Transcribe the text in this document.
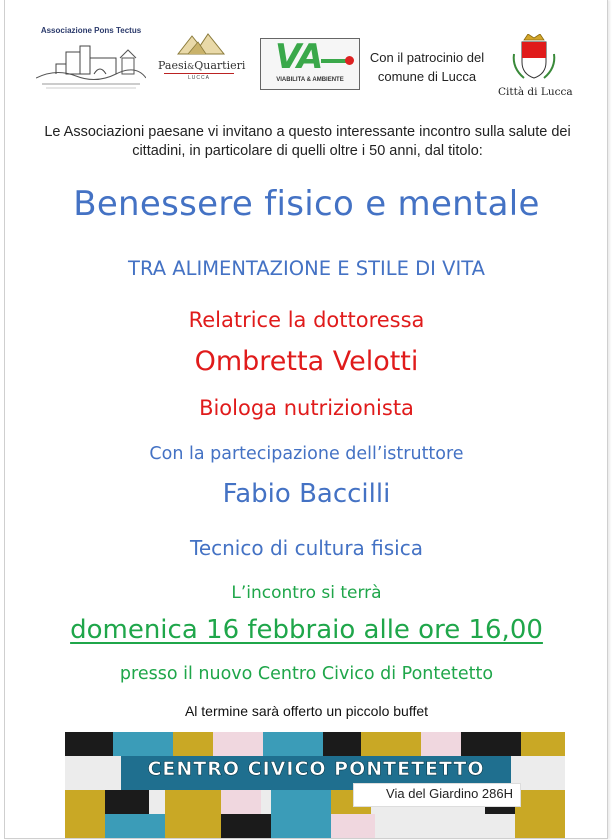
Associazione Pons Tectus
Paesi&Quartieri
LUCCA
VA
VIABILITA & AMBIENTE
Con il patrocinio del comune di Lucca
Città di Lucca
Le Associazioni paesane vi invitano a questo interessante incontro sulla salute dei cittadini, in particolare di quelli oltre i 50 anni, dal titolo:
Benessere fisico e mentale
TRA ALIMENTAZIONE E STILE DI VITA
Relatrice la dottoressa
Ombretta Velotti
Biologa nutrizionista
Con la partecipazione dell’istruttore
Fabio Baccilli
Tecnico di cultura fisica
L’incontro si terrà
domenica 16 febbraio alle ore 16,00
presso il nuovo Centro Civico di Pontetetto
Al termine sarà offerto un piccolo buffet
CENTRO CIVICO PONTETETTO
Via del Giardino 286H
